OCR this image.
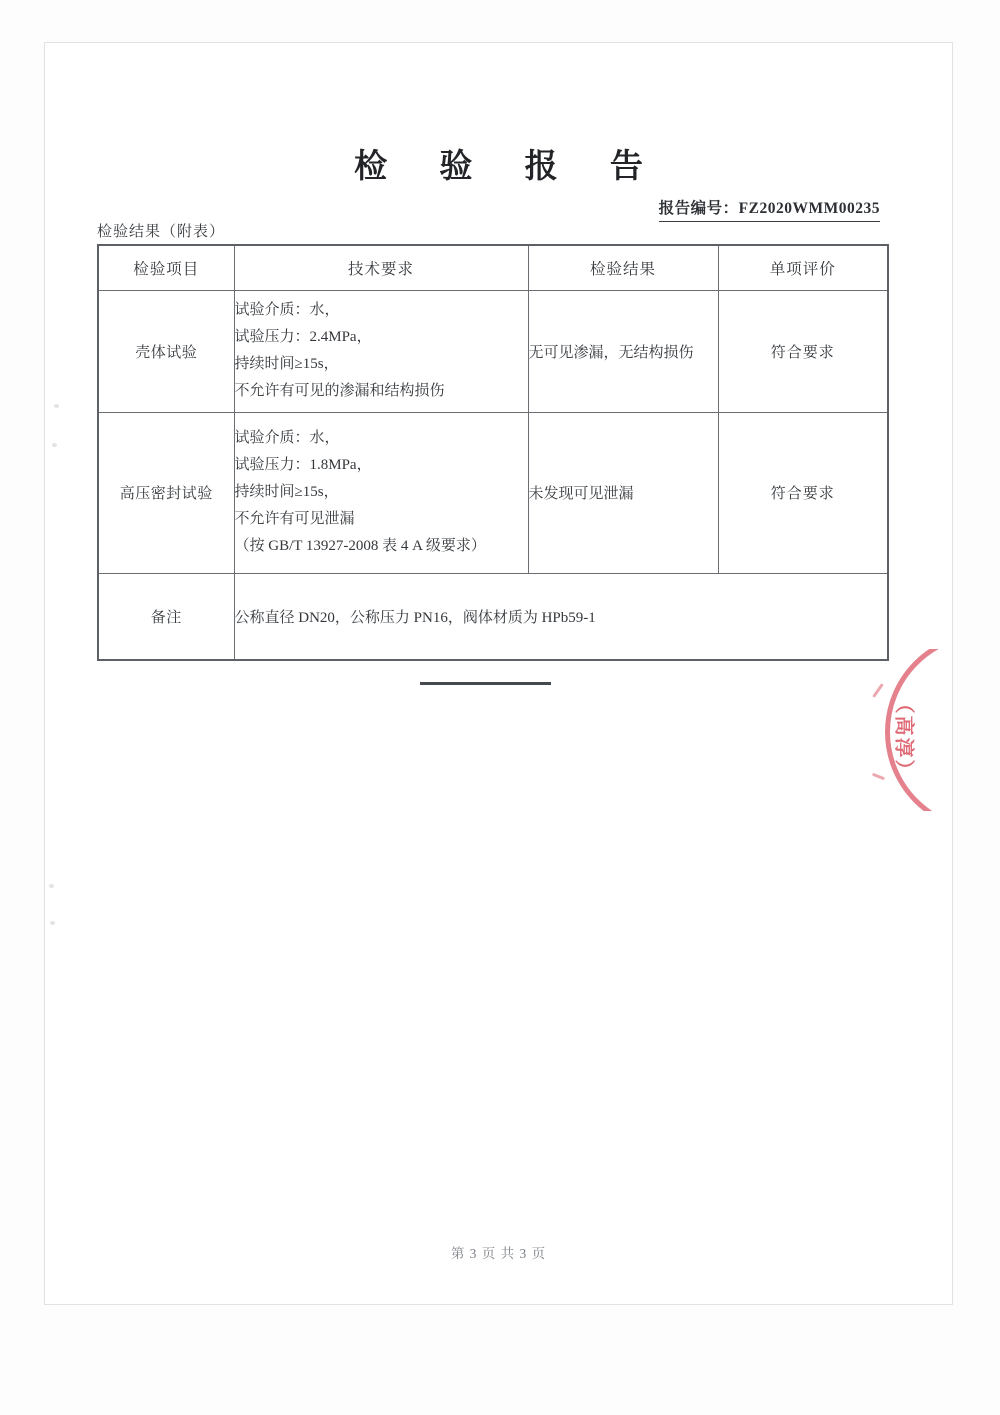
检 验 报 告
报告编号：FZ2020WMM00235
检验结果（附表）
检验项目	技术要求	检验结果	单项评价
壳体试验	试验介质：水，
试验压力：2.4MPa，
持续时间≥15s，
不允许有可见的渗漏和结构损伤	无可见渗漏，无结构损伤	符合要求
高压密封试验	试验介质：水，
试验压力：1.8MPa，
持续时间≥15s，
不允许有可见泄漏
（按 GB/T 13927-2008 表 4 A 级要求）	未发现可见泄漏	符合要求
备注	公称直径 DN20，公称压力 PN16，阀体材质为 HPb59-1		
（高淳）
第 3 页 共 3 页
